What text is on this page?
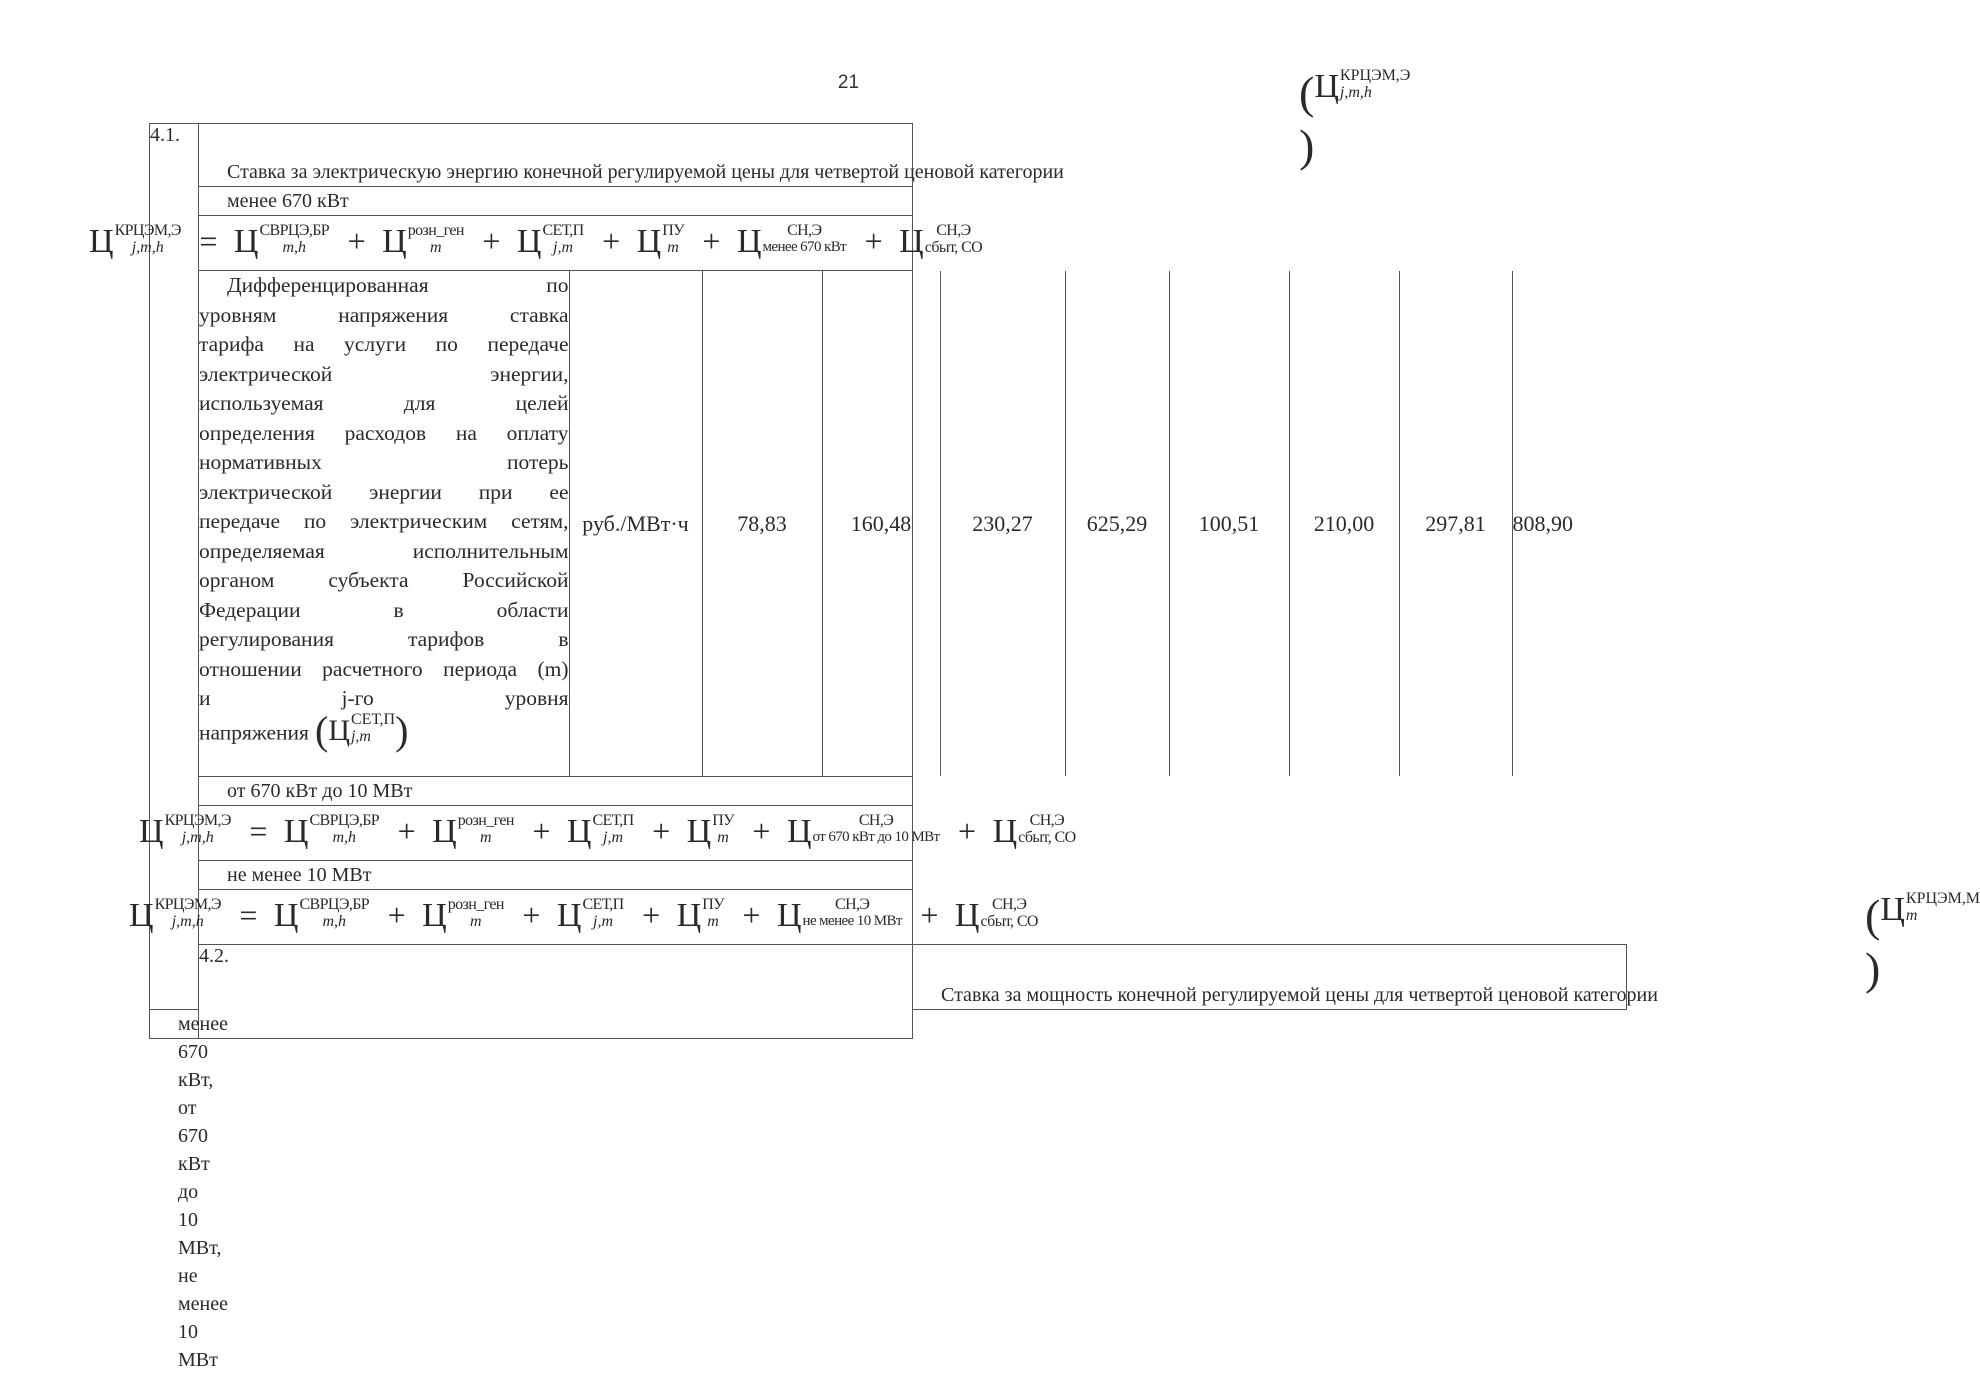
21
4.1.	
Ставка за электрическую энергию конечной регулируемой цены для четвертой ценовой категории
( Ц КРЦЭМ,Э
j,m,h
)

менее 670 кВт

Ц КРЦЭМ,Э
j,m,h	= Ц СВРЦЭ,БР
m,h	+ Ц розн_ген
m	+ Ц СЕТ,П
j,m + Ц ПУ
m + Ц	СН,Э
менее 670 кВт + Ц СН,Э
сбыт, СО

Дифференцированная по
уровням напряжения ставка
тарифа на услуги по передаче
электрической энергии,
используемая для целей
определения расходов на оплату
нормативных потерь
электрической энергии при ее
передаче по электрическим сетям,
определяемая исполнительным
органом субъекта Российской
Федерации в области
регулирования тарифов в
отношении расчетного периода (m)
и j-го уровня
напряжения ( Ц СЕТ,П
j,m )
	руб./МВт·ч	78,83	160,48	230,27	625,29	100,51	210,00	297,81	808,90

от 670 кВт до 10 МВт

Ц КРЦЭМ,Э
j,m,h	= Ц СВРЦЭ,БР
m,h	+ Ц розн_ген
m	+ Ц СЕТ,П
j,m + Ц ПУ
m + Ц	СН,Э
от 670 кВт до 10 МВт + Ц СН,Э
сбыт, СО

не менее 10 МВт

Ц КРЦЭМ,Э
j,m,h	= Ц СВРЦЭ,БР
m,h	+ Ц розн_ген
m	+ Ц СЕТ,П
j,m + Ц ПУ
m + Ц	СН,Э
не менее 10 МВт + Ц СН,Э
сбыт, СО

4.2.	
Ставка за мощность конечной регулируемой цены для четвертой ценовой категории
( Ц КРЦЭМ,М
m
)

менее 670 кВт, от 670 кВт до 10 МВт, не менее 10 МВт
